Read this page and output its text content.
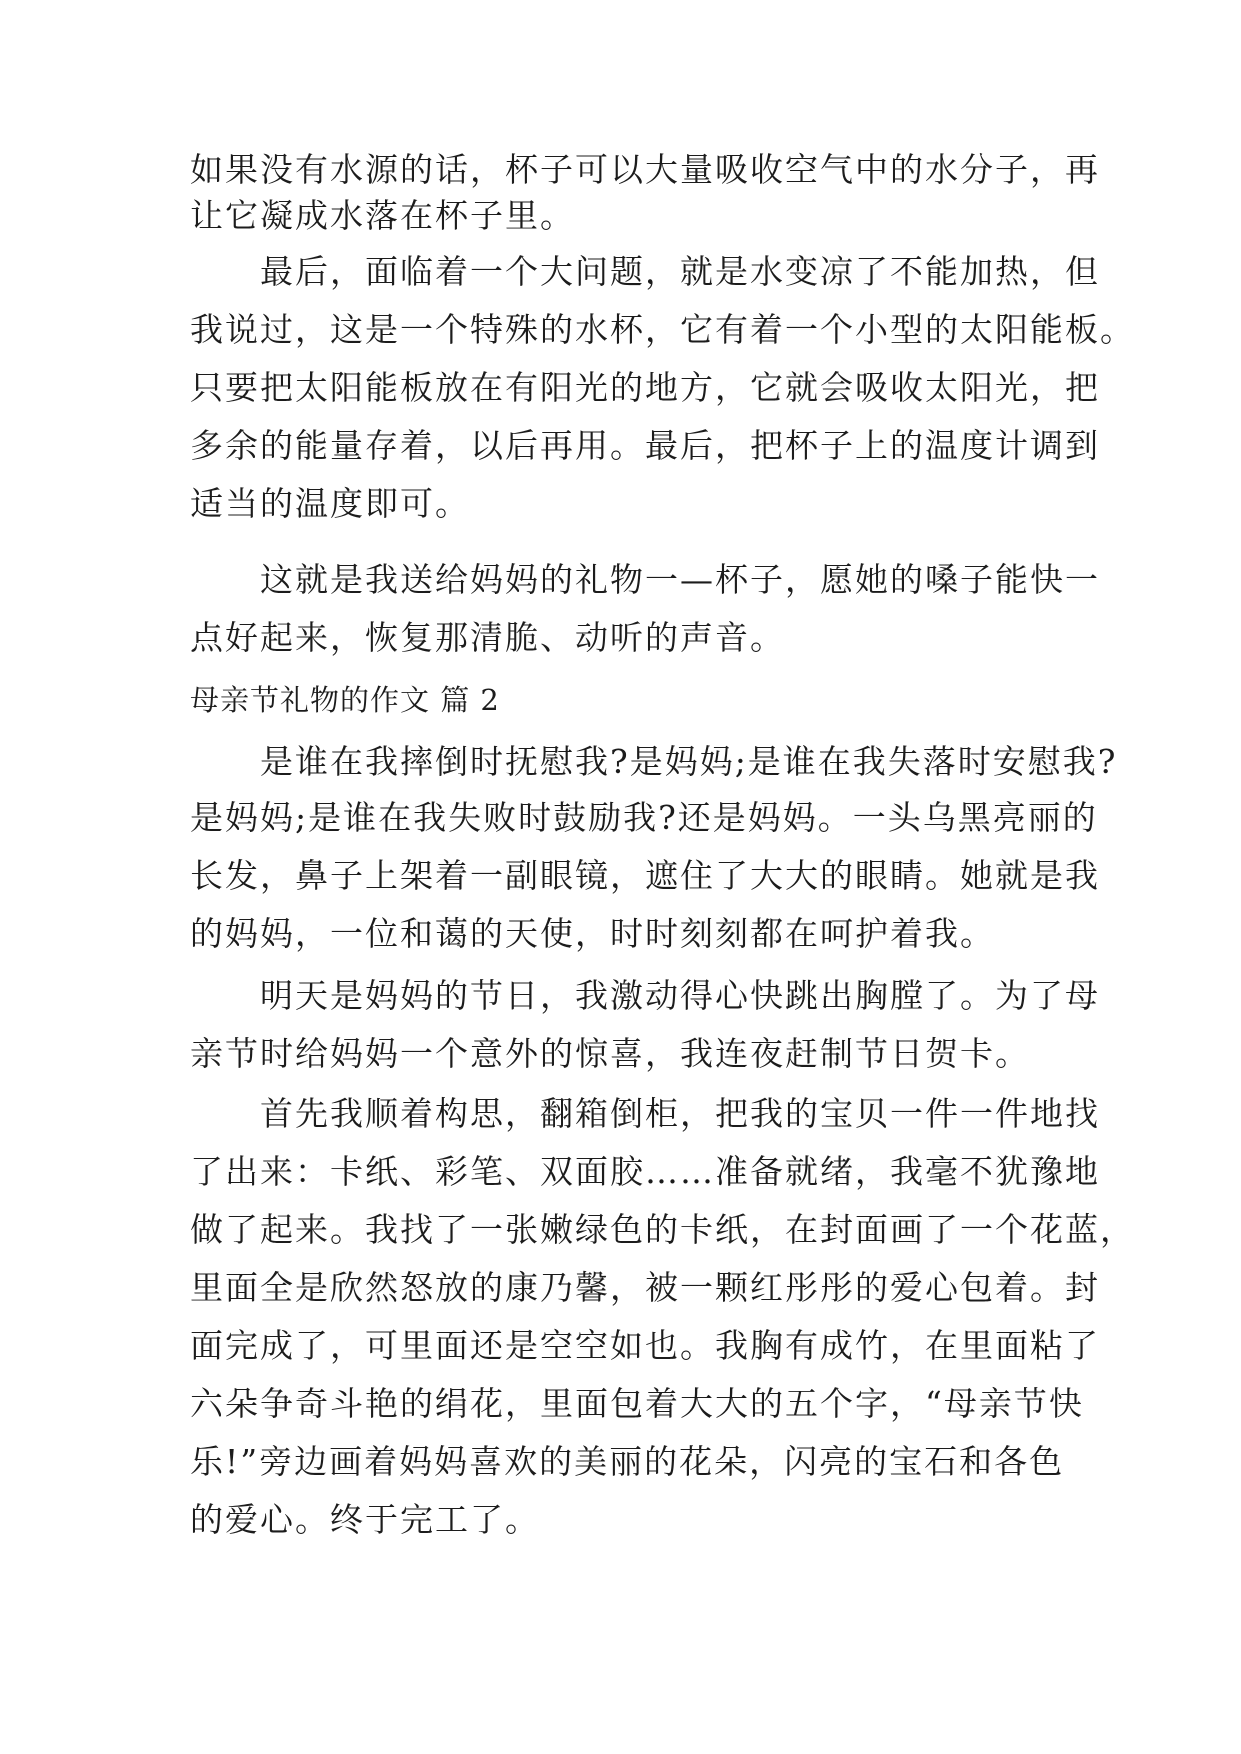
如果没有水源的话，杯子可以大量吸收空气中的水分子，再
让它凝成水落在杯子里。
　　最后，面临着一个大问题，就是水变凉了不能加热，但
我说过，这是一个特殊的水杯，它有着一个小型的太阳能板。
只要把太阳能板放在有阳光的地方，它就会吸收太阳光，把
多余的能量存着，以后再用。最后，把杯子上的温度计调到
适当的温度即可。
　　这就是我送给妈妈的礼物一—杯子，愿她的嗓子能快一
点好起来，恢复那清脆、动听的声音。
母亲节礼物的作文 篇 2
　　是谁在我摔倒时抚慰我?是妈妈;是谁在我失落时安慰我?
是妈妈;是谁在我失败时鼓励我?还是妈妈。一头乌黑亮丽的
长发，鼻子上架着一副眼镜，遮住了大大的眼睛。她就是我
的妈妈，一位和蔼的天使，时时刻刻都在呵护着我。
　　明天是妈妈的节日，我激动得心快跳出胸膛了。为了母
亲节时给妈妈一个意外的惊喜，我连夜赶制节日贺卡。
　　首先我顺着构思，翻箱倒柜，把我的宝贝一件一件地找
了出来：卡纸、彩笔、双面胶……准备就绪，我毫不犹豫地
做了起来。我找了一张嫩绿色的卡纸，在封面画了一个花蓝，
里面全是欣然怒放的康乃馨，被一颗红彤彤的爱心包着。封
面完成了，可里面还是空空如也。我胸有成竹，在里面粘了
六朵争奇斗艳的绢花，里面包着大大的五个字，“母亲节快
乐!”旁边画着妈妈喜欢的美丽的花朵，闪亮的宝石和各色
的爱心。终于完工了。
